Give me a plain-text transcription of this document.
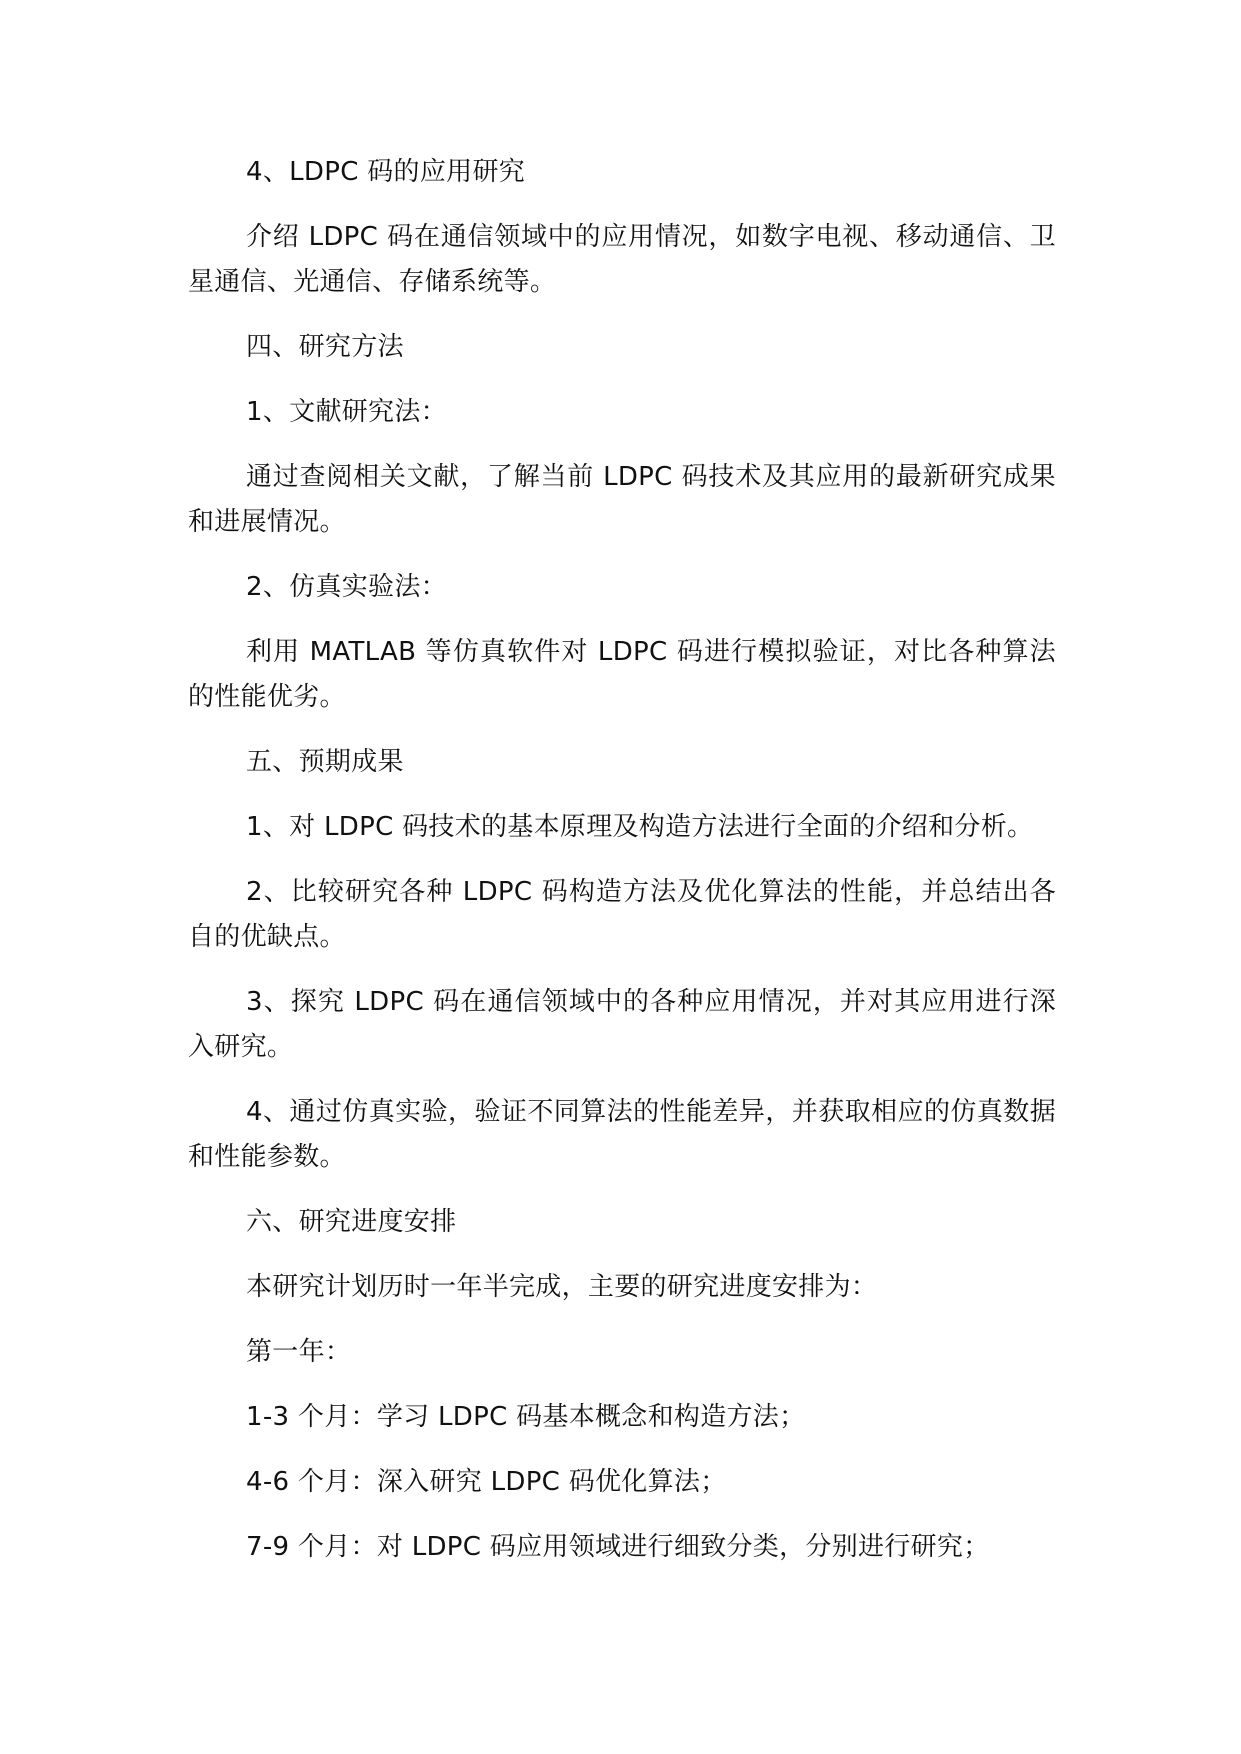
4、LDPC 码的应用研究

介绍 LDPC 码在通信领域中的应用情况，如数字电视、移动通信、卫星通信、光通信、存储系统等。

四、研究方法

1、文献研究法：

通过查阅相关文献，了解当前 LDPC 码技术及其应用的最新研究成果和进展情况。

2、仿真实验法：

利用 MATLAB 等仿真软件对 LDPC 码进行模拟验证，对比各种算法的性能优劣。

五、预期成果

1、对 LDPC 码技术的基本原理及构造方法进行全面的介绍和分析。

2、比较研究各种 LDPC 码构造方法及优化算法的性能，并总结出各自的优缺点。

3、探究 LDPC 码在通信领域中的各种应用情况，并对其应用进行深入研究。

4、通过仿真实验，验证不同算法的性能差异，并获取相应的仿真数据和性能参数。

六、研究进度安排

本研究计划历时一年半完成，主要的研究进度安排为：

第一年：

1-3 个月：学习 LDPC 码基本概念和构造方法；

4-6 个月：深入研究 LDPC 码优化算法；

7-9 个月：对 LDPC 码应用领域进行细致分类，分别进行研究；
